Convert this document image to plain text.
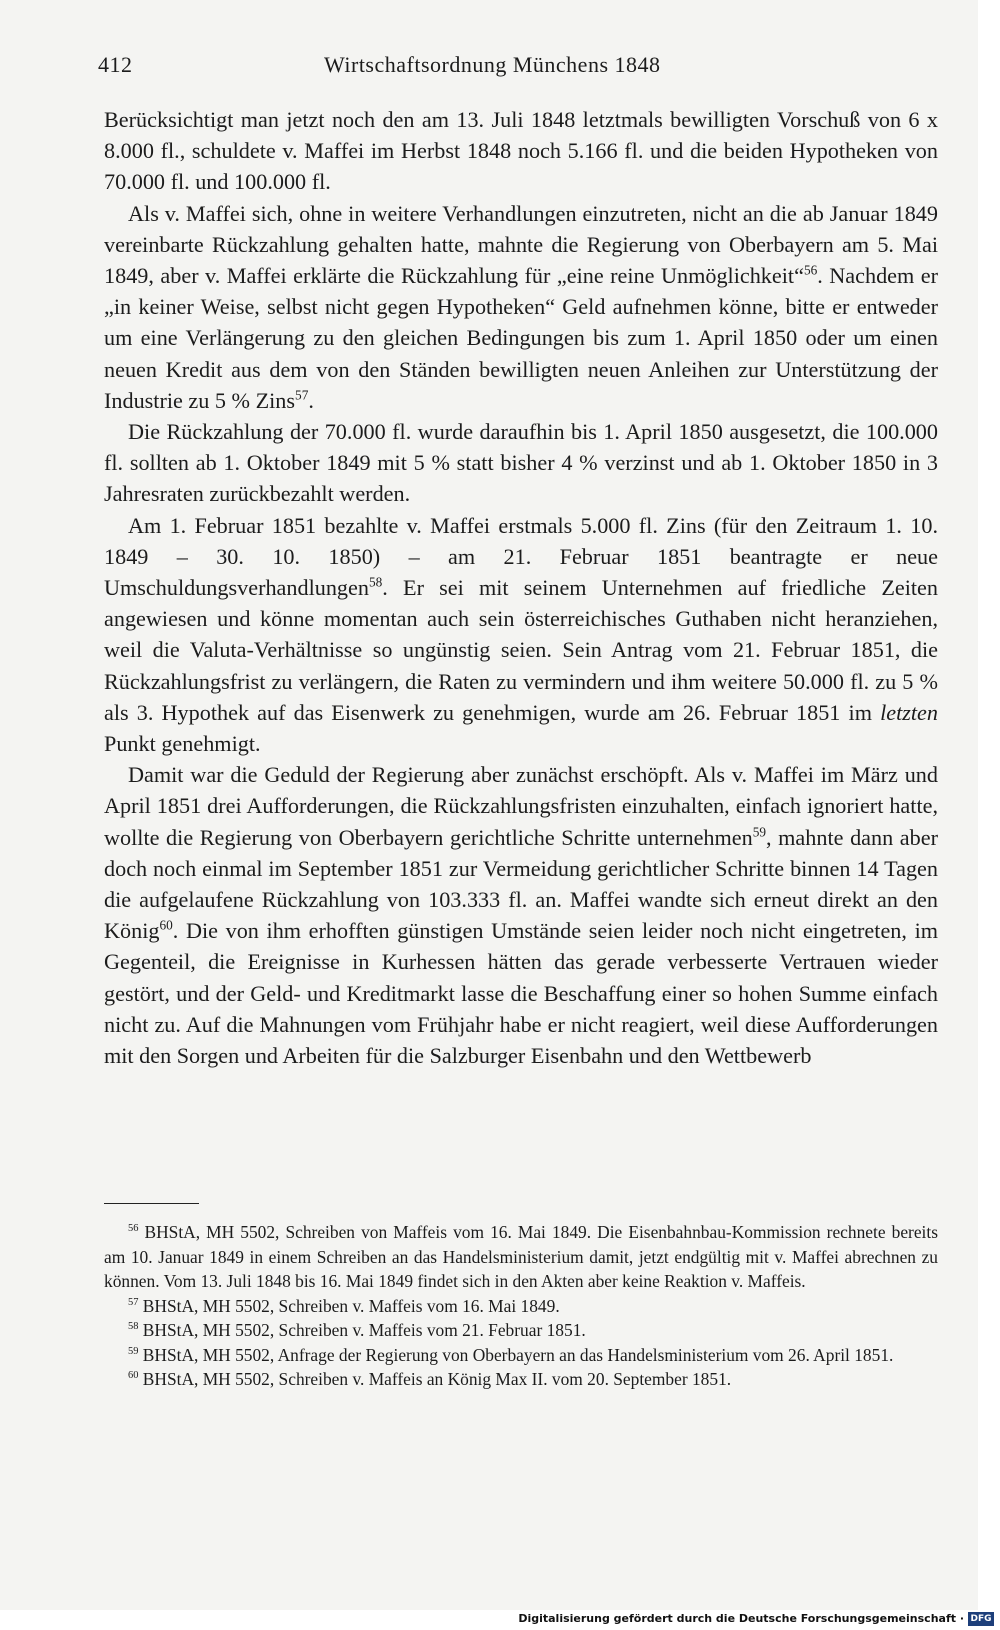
412	Wirtschaftsordnung Münchens 1848

Berücksichtigt man jetzt noch den am 13. Juli 1848 letztmals bewilligten Vorschuß von 6 x 8.000 fl., schuldete v. Maffei im Herbst 1848 noch 5.166 fl. und die beiden Hypotheken von 70.000 fl. und 100.000 fl.

Als v. Maffei sich, ohne in weitere Verhandlungen einzutreten, nicht an die ab Januar 1849 vereinbarte Rückzahlung gehalten hatte, mahnte die Regierung von Oberbayern am 5. Mai 1849, aber v. Maffei erklärte die Rückzahlung für „eine reine Unmöglichkeit“$^{56}$. Nachdem er „in keiner Weise, selbst nicht gegen Hypotheken“ Geld aufnehmen könne, bitte er entweder um eine Verlängerung zu den gleichen Bedingungen bis zum 1. April 1850 oder um einen neuen Kredit aus dem von den Ständen bewilligten neuen Anleihen zur Unterstützung der Industrie zu 5 % Zins$^{57}$.

Die Rückzahlung der 70.000 fl. wurde daraufhin bis 1. April 1850 ausgesetzt, die 100.000 fl. sollten ab 1. Oktober 1849 mit 5 % statt bisher 4 % verzinst und ab 1. Oktober 1850 in 3 Jahresraten zurückbezahlt werden.

Am 1. Februar 1851 bezahlte v. Maffei erstmals 5.000 fl. Zins (für den Zeitraum 1. 10. 1849 – 30. 10. 1850) – am 21. Februar 1851 beantragte er neue Umschuldungsverhandlungen$^{58}$. Er sei mit seinem Unternehmen auf friedliche Zeiten angewiesen und könne momentan auch sein österreichisches Guthaben nicht heranziehen, weil die Valuta-Verhältnisse so ungünstig seien. Sein Antrag vom 21. Februar 1851, die Rückzahlungsfrist zu verlängern, die Raten zu vermindern und ihm weitere 50.000 fl. zu 5 % als 3. Hypothek auf das Eisenwerk zu genehmigen, wurde am 26. Februar 1851 im letzten Punkt genehmigt.

Damit war die Geduld der Regierung aber zunächst erschöpft. Als v. Maffei im März und April 1851 drei Aufforderungen, die Rückzahlungsfristen einzuhalten, einfach ignoriert hatte, wollte die Regierung von Oberbayern gerichtliche Schritte unternehmen$^{59}$, mahnte dann aber doch noch einmal im September 1851 zur Vermeidung gerichtlicher Schritte binnen 14 Tagen die aufgelaufene Rückzahlung von 103.333 fl. an. Maffei wandte sich erneut direkt an den König$^{60}$. Die von ihm erhofften günstigen Umstände seien leider noch nicht eingetreten, im Gegenteil, die Ereignisse in Kurhessen hätten das gerade verbesserte Vertrauen wieder gestört, und der Geld- und Kreditmarkt lasse die Beschaffung einer so hohen Summe einfach nicht zu. Auf die Mahnungen vom Frühjahr habe er nicht reagiert, weil diese Aufforderungen mit den Sorgen und Arbeiten für die Salzburger Eisenbahn und den Wettbewerb

$^{56}$ BHStA, MH 5502, Schreiben von Maffeis vom 16. Mai 1849. Die Eisenbahnbau-Kommission rechnete bereits am 10. Januar 1849 in einem Schreiben an das Handelsministerium damit, jetzt endgültig mit v. Maffei abrechnen zu können. Vom 13. Juli 1848 bis 16. Mai 1849 findet sich in den Akten aber keine Reaktion v. Maffeis.

$^{57}$ BHStA, MH 5502, Schreiben v. Maffeis vom 16. Mai 1849.

$^{58}$ BHStA, MH 5502, Schreiben v. Maffeis vom 21. Februar 1851.

$^{59}$ BHStA, MH 5502, Anfrage der Regierung von Oberbayern an das Handelsministerium vom 26. April 1851.

$^{60}$ BHStA, MH 5502, Schreiben v. Maffeis an König Max II. vom 20. September 1851.

Digitalisierung gefördert durch die Deutsche Forschungsgemeinschaft · DFG
